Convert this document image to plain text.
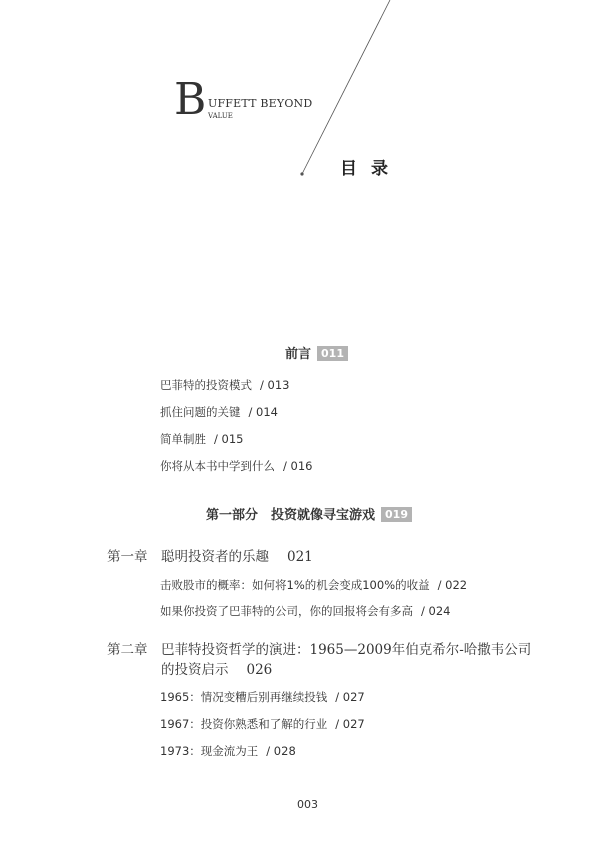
B UFFETT BEYOND
VALUE
目录
前言 011
巴菲特的投资模式 / 013
抓住问题的关键 / 014
简单制胜 / 015
你将从本书中学到什么 / 016
第一部分　投资就像寻宝游戏 019
第一章 聪明投资者的乐趣 021
击败股市的概率：如何将1%的机会变成100%的收益 / 022
如果你投资了巴菲特的公司，你的回报将会有多高 / 024
第二章 巴菲特投资哲学的演进：1965—2009年伯克希尔-哈撒韦公司
的投资启示 026
1965：情况变糟后别再继续投钱 / 027
1967：投资你熟悉和了解的行业 / 027
1973：现金流为王 / 028
003
